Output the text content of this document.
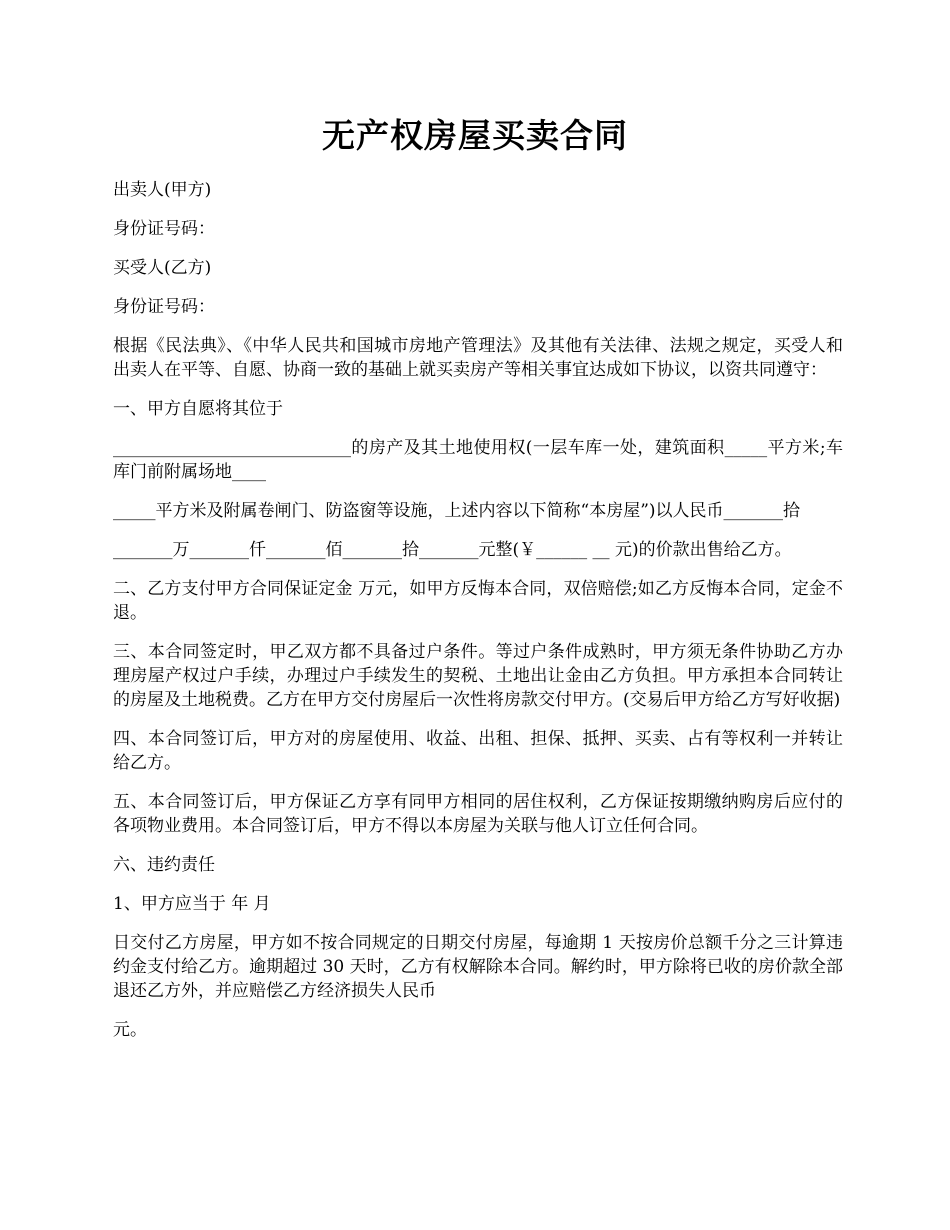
无产权房屋买卖合同

出卖人(甲方)

身份证号码：

买受人(乙方)

身份证号码：

根据《民法典》、《中华人民共和国城市房地产管理法》及其他有关法律、法规之规定，买受人和出卖人在平等、自愿、协商一致的基础上就买卖房产等相关事宜达成如下协议，以资共同遵守：

一、甲方自愿将其位于

____________________________的房产及其土地使用权(一层车库一处，建筑面积_____平方米;车库门前附属场地____

_____平方米及附属卷闸门、防盗窗等设施，上述内容以下简称“本房屋”)以人民币_______拾

_______万_______仟_______佰_______拾_______元整(￥______ __ 元)的价款出售给乙方。

二、乙方支付甲方合同保证定金 万元，如甲方反悔本合同，双倍赔偿;如乙方反悔本合同，定金不退。

三、本合同签定时，甲乙双方都不具备过户条件。等过户条件成熟时，甲方须无条件协助乙方办理房屋产权过户手续，办理过户手续发生的契税、土地出让金由乙方负担。甲方承担本合同转让的房屋及土地税费。乙方在甲方交付房屋后一次性将房款交付甲方。(交易后甲方给乙方写好收据)

四、本合同签订后，甲方对的房屋使用、收益、出租、担保、抵押、买卖、占有等权利一并转让给乙方。

五、本合同签订后，甲方保证乙方享有同甲方相同的居住权利，乙方保证按期缴纳购房后应付的各项物业费用。本合同签订后，甲方不得以本房屋为关联与他人订立任何合同。

六、违约责任

1、甲方应当于 年 月

日交付乙方房屋，甲方如不按合同规定的日期交付房屋，每逾期 1 天按房价总额千分之三计算违约金支付给乙方。逾期超过 30 天时，乙方有权解除本合同。解约时，甲方除将已收的房价款全部退还乙方外，并应赔偿乙方经济损失人民币

元。
